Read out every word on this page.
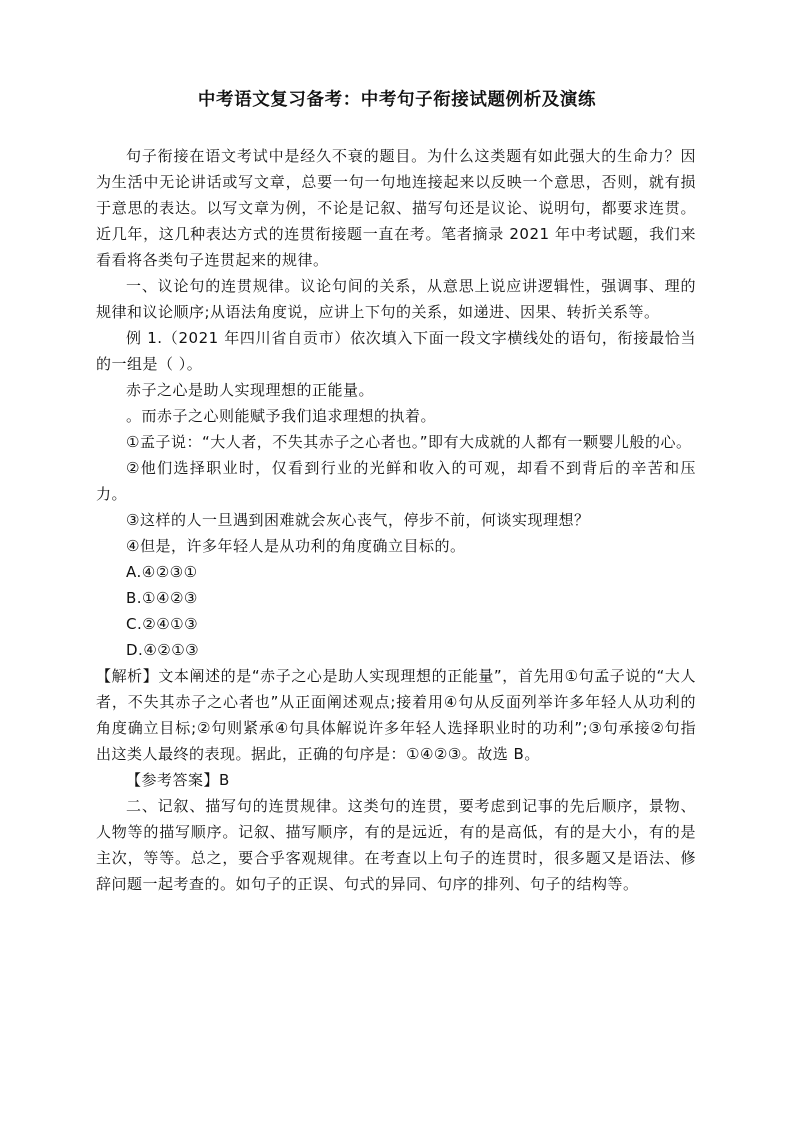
中考语文复习备考：中考句子衔接试题例析及演练

句子衔接在语文考试中是经久不衰的题目。为什么这类题有如此强大的生命力？因为生活中无论讲话或写文章，总要一句一句地连接起来以反映一个意思，否则，就有损于意思的表达。以写文章为例，不论是记叙、描写句还是议论、说明句，都要求连贯。近几年，这几种表达方式的连贯衔接题一直在考。笔者摘录 2021 年中考试题，我们来看看将各类句子连贯起来的规律。

一、议论句的连贯规律。议论句间的关系，从意思上说应讲逻辑性，强调事、理的规律和议论顺序;从语法角度说，应讲上下句的关系，如递进、因果、转折关系等。

例 1.（2021 年四川省自贡市）依次填入下面一段文字横线处的语句，衔接最恰当的一组是（ ）。

赤子之心是助人实现理想的正能量。

。而赤子之心则能赋予我们追求理想的执着。

①孟子说：“大人者，不失其赤子之心者也。”即有大成就的人都有一颗婴儿般的心。

②他们选择职业时，仅看到行业的光鲜和收入的可观，却看不到背后的辛苦和压力。

③这样的人一旦遇到困难就会灰心丧气，停步不前，何谈实现理想？

④但是，许多年轻人是从功利的角度确立目标的。

A.④②③①

B.①④②③

C.②④①③

D.④②①③

【解析】文本阐述的是“赤子之心是助人实现理想的正能量”，首先用①句孟子说的“大人者，不失其赤子之心者也”从正面阐述观点;接着用④句从反面列举许多年轻人从功利的角度确立目标;②句则紧承④句具体解说许多年轻人选择职业时的功利”;③句承接②句指出这类人最终的表现。据此，正确的句序是：①④②③。故选 B。

【参考答案】B

二、记叙、描写句的连贯规律。这类句的连贯，要考虑到记事的先后顺序，景物、人物等的描写顺序。记叙、描写顺序，有的是远近，有的是高低，有的是大小，有的是主次，等等。总之，要合乎客观规律。在考查以上句子的连贯时，很多题又是语法、修辞问题一起考查的。如句子的正误、句式的异同、句序的排列、句子的结构等。
